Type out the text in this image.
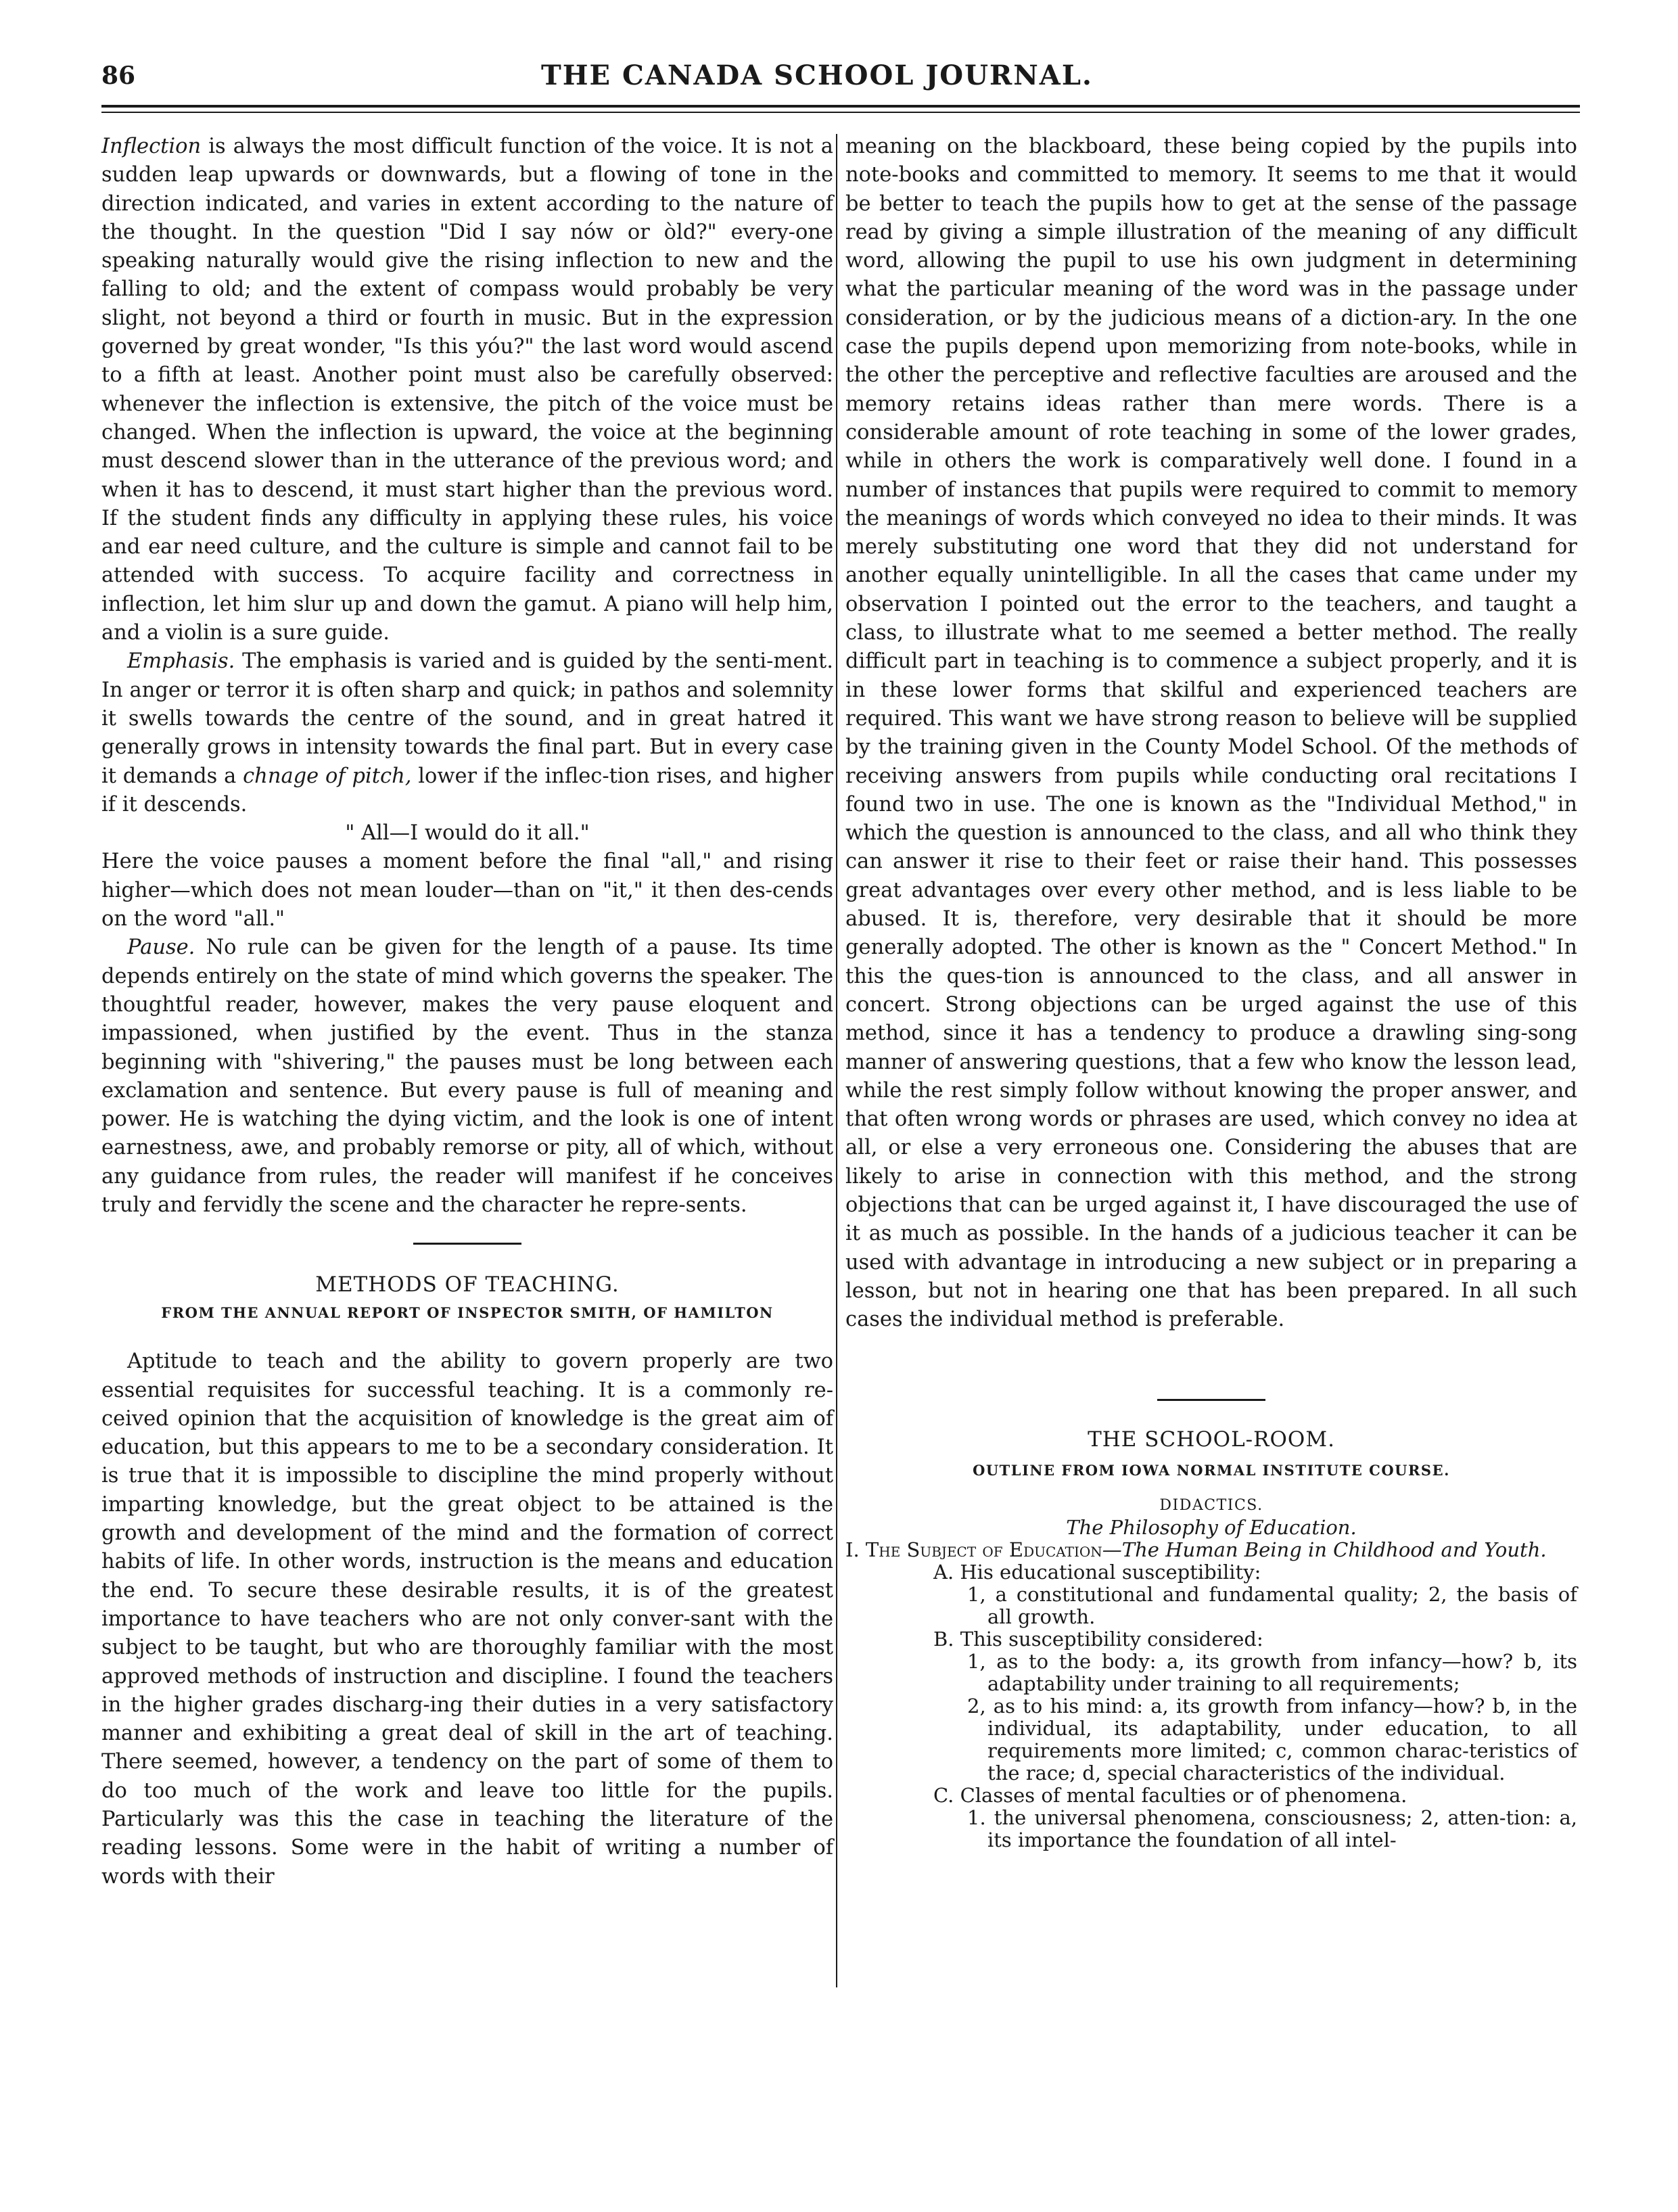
86	THE CANADA SCHOOL JOURNAL.

Inflection is always the most difficult function of the voice. It is not a sudden leap upwards or downwards, but a flowing of tone in the direction indicated, and varies in extent according to the nature of the thought. In the question "Did I say nów or òld?" every-one speaking naturally would give the rising inflection to new and the falling to old; and the extent of compass would probably be very slight, not beyond a third or fourth in music. But in the expression governed by great wonder, "Is this yóu?" the last word would ascend to a fifth at least. Another point must also be carefully observed: whenever the inflection is extensive, the pitch of the voice must be changed. When the inflection is upward, the voice at the beginning must descend slower than in the utterance of the previous word; and when it has to descend, it must start higher than the previous word. If the student finds any difficulty in applying these rules, his voice and ear need culture, and the culture is simple and cannot fail to be attended with success. To acquire facility and correctness in inflection, let him slur up and down the gamut. A piano will help him, and a violin is a sure guide.

Emphasis. The emphasis is varied and is guided by the senti-ment. In anger or terror it is often sharp and quick; in pathos and solemnity it swells towards the centre of the sound, and in great hatred it generally grows in intensity towards the final part. But in every case it demands a chnage of pitch, lower if the inflec-tion rises, and higher if it descends.

" All—I would do it all."

Here the voice pauses a moment before the final "all," and rising higher—which does not mean louder—than on "it," it then des-cends on the word "all."

Pause. No rule can be given for the length of a pause. Its time depends entirely on the state of mind which governs the speaker. The thoughtful reader, however, makes the very pause eloquent and impassioned, when justified by the event. Thus in the stanza beginning with "shivering," the pauses must be long between each exclamation and sentence. But every pause is full of meaning and power. He is watching the dying victim, and the look is one of intent earnestness, awe, and probably remorse or pity, all of which, without any guidance from rules, the reader will manifest if he conceives truly and fervidly the scene and the character he repre-sents.

METHODS OF TEACHING.
FROM THE ANNUAL REPORT OF INSPECTOR SMITH, OF HAMILTON

Aptitude to teach and the ability to govern properly are two essential requisites for successful teaching. It is a commonly re-ceived opinion that the acquisition of knowledge is the great aim of education, but this appears to me to be a secondary consideration. It is true that it is impossible to discipline the mind properly without imparting knowledge, but the great object to be attained is the growth and development of the mind and the formation of correct habits of life. In other words, instruction is the means and education the end. To secure these desirable results, it is of the greatest importance to have teachers who are not only conver-sant with the subject to be taught, but who are thoroughly familiar with the most approved methods of instruction and discipline. I found the teachers in the higher grades discharg-ing their duties in a very satisfactory manner and exhibiting a great deal of skill in the art of teaching. There seemed, however, a tendency on the part of some of them to do too much of the work and leave too little for the pupils. Particularly was this the case in teaching the literature of the reading lessons. Some were in the habit of writing a number of words with their

meaning on the blackboard, these being copied by the pupils into note-books and committed to memory. It seems to me that it would be better to teach the pupils how to get at the sense of the passage read by giving a simple illustration of the meaning of any difficult word, allowing the pupil to use his own judgment in determining what the particular meaning of the word was in the passage under consideration, or by the judicious means of a diction-ary. In the one case the pupils depend upon memorizing from note-books, while in the other the perceptive and reflective faculties are aroused and the memory retains ideas rather than mere words. There is a considerable amount of rote teaching in some of the lower grades, while in others the work is comparatively well done. I found in a number of instances that pupils were required to commit to memory the meanings of words which conveyed no idea to their minds. It was merely substituting one word that they did not understand for another equally unintelligible. In all the cases that came under my observation I pointed out the error to the teachers, and taught a class, to illustrate what to me seemed a better method. The really difficult part in teaching is to commence a subject properly, and it is in these lower forms that skilful and experienced teachers are required. This want we have strong reason to believe will be supplied by the training given in the County Model School. Of the methods of receiving answers from pupils while conducting oral recitations I found two in use. The one is known as the "Individual Method," in which the question is announced to the class, and all who think they can answer it rise to their feet or raise their hand. This possesses great advantages over every other method, and is less liable to be abused. It is, therefore, very desirable that it should be more generally adopted. The other is known as the " Concert Method." In this the ques-tion is announced to the class, and all answer in concert. Strong objections can be urged against the use of this method, since it has a tendency to produce a drawling sing-song manner of answering questions, that a few who know the lesson lead, while the rest simply follow without knowing the proper answer, and that often wrong words or phrases are used, which convey no idea at all, or else a very erroneous one. Considering the abuses that are likely to arise in connection with this method, and the strong objections that can be urged against it, I have discouraged the use of it as much as possible. In the hands of a judicious teacher it can be used with advantage in introducing a new subject or in preparing a lesson, but not in hearing one that has been prepared. In all such cases the individual method is preferable.

THE SCHOOL-ROOM.
OUTLINE FROM IOWA NORMAL INSTITUTE COURSE.
DIDACTICS.
The Philosophy of Education.
I. The Subject of Education—The Human Being in Childhood and Youth.
A. His educational susceptibility:
1, a constitutional and fundamental quality; 2, the basis of all growth.
B. This susceptibility considered:
1, as to the body: a, its growth from infancy—how? b, its adaptability under training to all requirements;
2, as to his mind: a, its growth from infancy—how? b, in the individual, its adaptability, under education, to all requirements more limited; c, common charac-teristics of the race; d, special characteristics of the individual.
C. Classes of mental faculties or of phenomena.
1. the universal phenomena, consciousness; 2, atten-tion: a, its importance the foundation of all intel-
